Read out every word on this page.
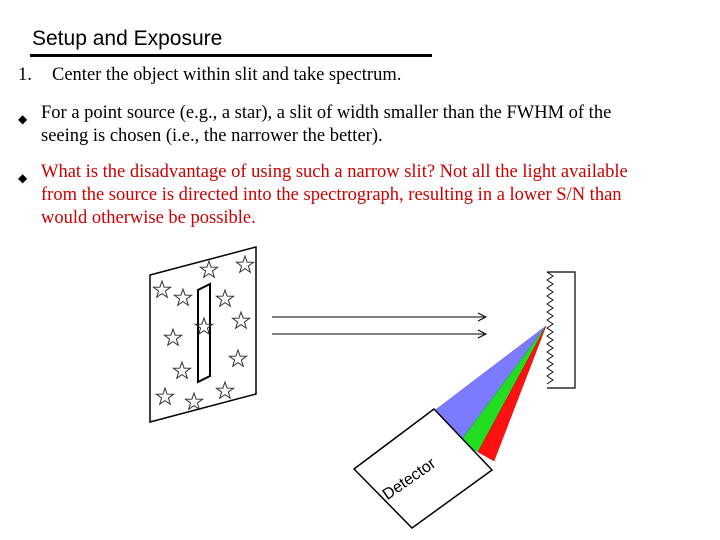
Setup and Exposure
1. Center the object within slit and take spectrum.
◆ For a point source (e.g., a star), a slit of width smaller than the FWHM of the
seeing is chosen (i.e., the narrower the better).
◆ What is the disadvantage of using such a narrow slit? Not all the light available
from the source is directed into the spectrograph, resulting in a lower S/N than
would otherwise be possible.
Detector
